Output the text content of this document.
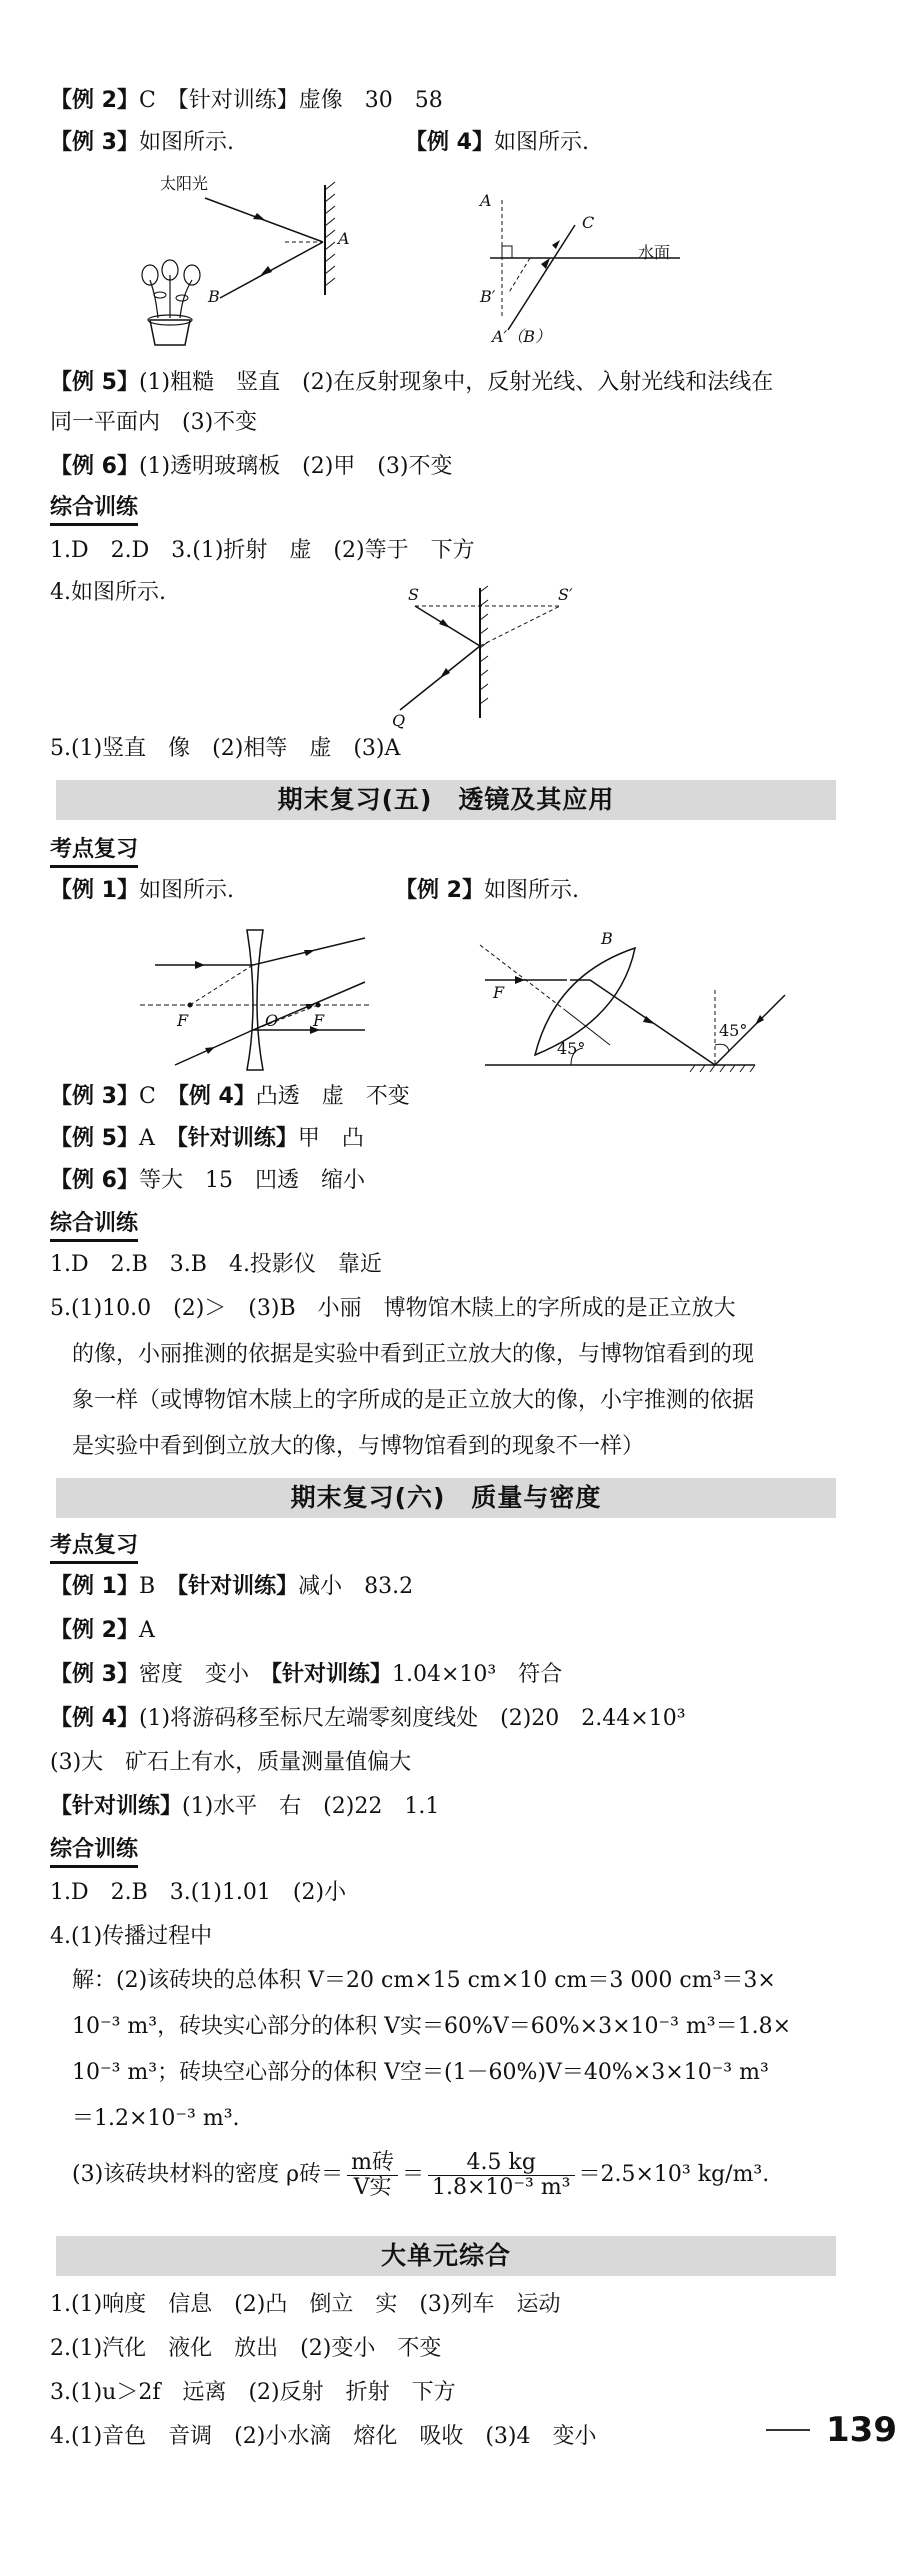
【例 2】C　【针对训练】虚像　30　58
【例 3】如图所示.	【例 4】如图所示.
太阳光
A
B
A
C
B′
A′（B）
水面
【例 5】(1)粗糙　竖直　(2)在反射现象中，反射光线、入射光线和法线在
同一平面内　(3)不变
【例 6】(1)透明玻璃板　(2)甲　(3)不变
综合训练
1.D　2.D　3.(1)折射　虚　(2)等于　下方
4.如图所示.	S	S′
Q
5.(1)竖直　像　(2)相等　虚　(3)A
期末复习(五)　透镜及其应用
考点复习
【例 1】如图所示.	【例 2】如图所示.
F	O F
B
F
45°
45°
【例 3】C　 【例 4】凸透　虚　不变
【例 5】A　 【针对训练】甲　凸
【例 6】等大　15　凹透　缩小
综合训练
1.D　2.B　3.B　4.投影仪　靠近
5.(1)10.0　(2)＞　(3)B　小丽　博物馆木牍上的字所成的是正立放大
的像，小丽推测的依据是实验中看到正立放大的像，与博物馆看到的现
象一样（或博物馆木牍上的字所成的是正立放大的像，小宇推测的依据
是实验中看到倒立放大的像，与博物馆看到的现象不一样）
期末复习(六)　质量与密度
考点复习
【例 1】B　 【针对训练】减小　83.2
【例 2】A
【例 3】密度　变小　 【针对训练】1.04×10³　符合
【例 4】(1)将游码移至标尺左端零刻度线处　(2)20　2.44×10³
(3)大　矿石上有水，质量测量值偏大
【针对训练】(1)水平　右　(2)22　1.1
综合训练
1.D　2.B　3.(1)1.01　(2)小
4.(1)传播过程中
解：(2)该砖块的总体积 V＝20 cm×15 cm×10 cm＝3 000 cm³＝3×
10⁻³ m³，砖块实心部分的体积 V实＝60%V＝60%×3×10⁻³ m³＝1.8×
10⁻³ m³；砖块空心部分的体积 V空＝(1－60%)V＝40%×3×10⁻³ m³
＝1.2×10⁻³ m³.
(3)该砖块材料的密度 ρ砖＝ $\frac{\text{m砖}}{\text{V实}} = \frac{4.5 kg}{\text{1.8×10⁻³ m³}} =2.5\times 10^3$ kg/m³.
大单元综合
1.(1)响度　信息　(2)凸　倒立　实　(3)列车　运动
2.(1)汽化　液化　放出　(2)变小　不变
3.(1)u＞2f　远离　(2)反射　折射　下方
4.(1)音色　音调　(2)小水滴　熔化　吸收　(3)4　变小	139
